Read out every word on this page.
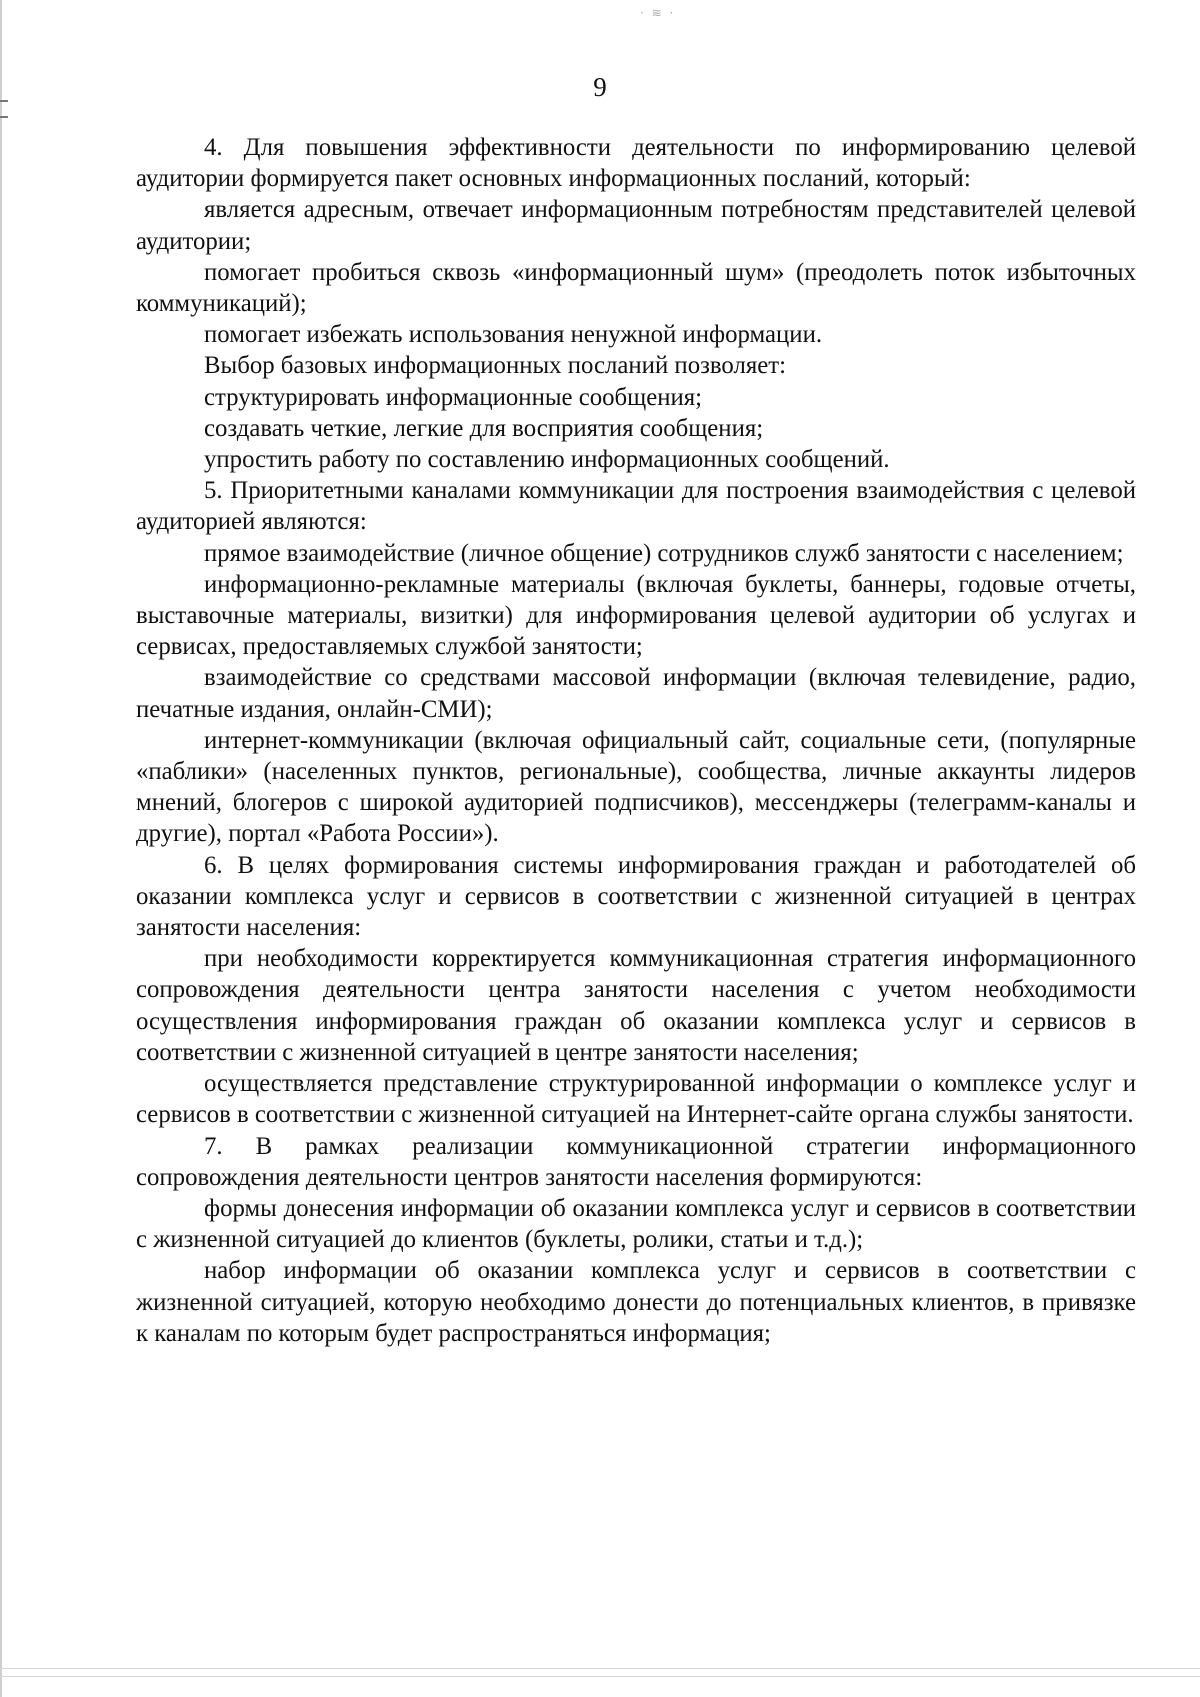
· ≋ ·
9

4. Для повышения эффективности деятельности по информированию целевой аудитории формируется пакет основных информационных посланий, который:

является адресным, отвечает информационным потребностям представителей целевой аудитории;

помогает пробиться сквозь «информационный шум» (преодолеть поток избыточных коммуникаций);

помогает избежать использования ненужной информации.

Выбор базовых информационных посланий позволяет:

структурировать информационные сообщения;

создавать четкие, легкие для восприятия сообщения;

упростить работу по составлению информационных сообщений.

5. Приоритетными каналами коммуникации для построения взаимодействия с целевой аудиторией являются:

прямое взаимодействие (личное общение) сотрудников служб занятости с населением;

информационно-рекламные материалы (включая буклеты, баннеры, годовые отчеты, выставочные материалы, визитки) для информирования целевой аудитории об услугах и сервисах, предоставляемых службой занятости;

взаимодействие со средствами массовой информации (включая телевидение, радио, печатные издания, онлайн-СМИ);

интернет-коммуникации (включая официальный сайт, социальные сети, (популярные «паблики» (населенных пунктов, региональные), сообщества, личные аккаунты лидеров мнений, блогеров с широкой аудиторией подписчиков), мессенджеры (телеграмм-каналы и другие), портал «Работа России»).

6. В целях формирования системы информирования граждан и работодателей об оказании комплекса услуг и сервисов в соответствии с жизненной ситуацией в центрах занятости населения:

при необходимости корректируется коммуникационная стратегия информационного сопровождения деятельности центра занятости населения с учетом необходимости осуществления информирования граждан об оказании комплекса услуг и сервисов в соответствии с жизненной ситуацией в центре занятости населения;

осуществляется представление структурированной информации о комплексе услуг и сервисов в соответствии с жизненной ситуацией на Интернет-сайте органа службы занятости.

7. В рамках реализации коммуникационной стратегии информационного сопровождения деятельности центров занятости населения формируются:

формы донесения информации об оказании комплекса услуг и сервисов в соответствии с жизненной ситуацией до клиентов (буклеты, ролики, статьи и т.д.);

набор информации об оказании комплекса услуг и сервисов в соответствии с жизненной ситуацией, которую необходимо донести до потенциальных клиентов, в привязке к каналам по которым будет распространяться информация;
